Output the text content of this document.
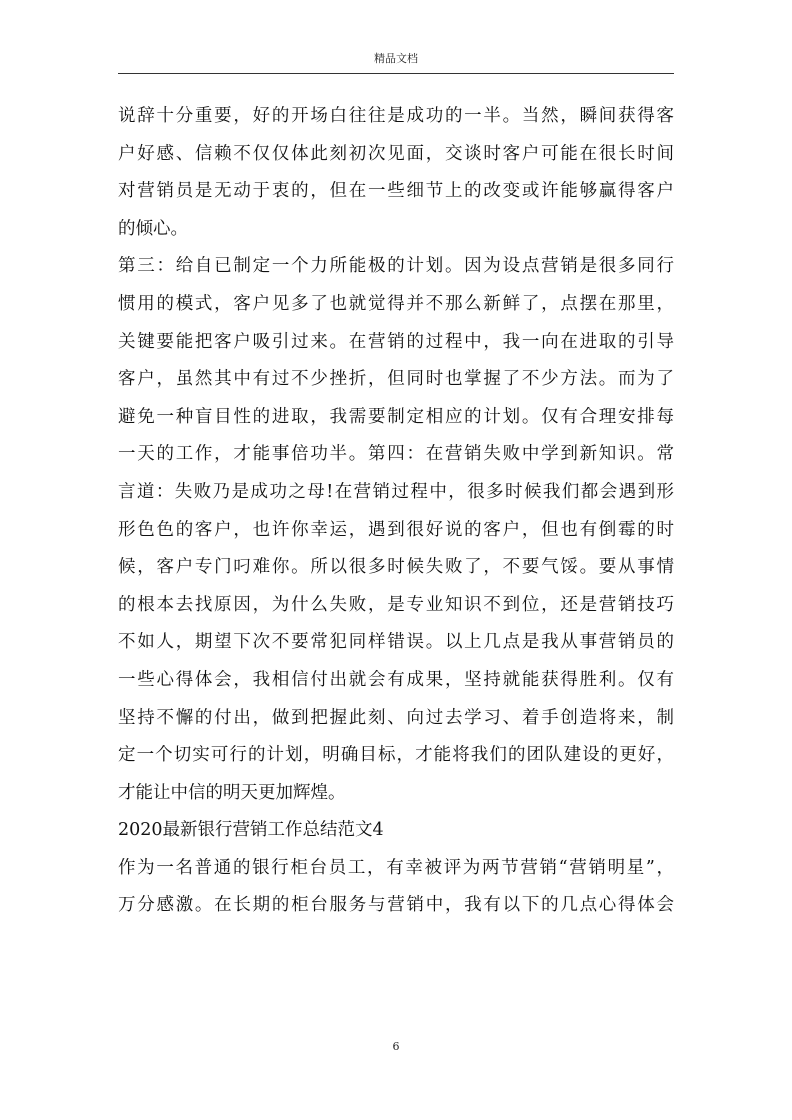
精品文档
说辞十分重要，好的开场白往往是成功的一半。当然，瞬间获得客
户好感、信赖不仅仅体此刻初次见面，交谈时客户可能在很长时间
对营销员是无动于衷的，但在一些细节上的改变或许能够赢得客户
的倾心。
第三：给自已制定一个力所能极的计划。因为设点营销是很多同行
惯用的模式，客户见多了也就觉得并不那么新鲜了，点摆在那里，
关键要能把客户吸引过来。在营销的过程中，我一向在进取的引导
客户，虽然其中有过不少挫折，但同时也掌握了不少方法。而为了
避免一种盲目性的进取，我需要制定相应的计划。仅有合理安排每
一天的工作，才能事倍功半。第四：在营销失败中学到新知识。常
言道：失败乃是成功之母!在营销过程中，很多时候我们都会遇到形
形色色的客户，也许你幸运，遇到很好说的客户，但也有倒霉的时
候，客户专门叼难你。所以很多时候失败了，不要气馁。要从事情
的根本去找原因，为什么失败，是专业知识不到位，还是营销技巧
不如人，期望下次不要常犯同样错误。以上几点是我从事营销员的
一些心得体会，我相信付出就会有成果，坚持就能获得胜利。仅有
坚持不懈的付出，做到把握此刻、向过去学习、着手创造将来，制
定一个切实可行的计划，明确目标，才能将我们的团队建设的更好，
才能让中信的明天更加辉煌。
2020最新银行营销工作总结范文4
作为一名普通的银行柜台员工，有幸被评为两节营销“营销明星”，
万分感激。在长期的柜台服务与营销中，我有以下的几点心得体会
6
